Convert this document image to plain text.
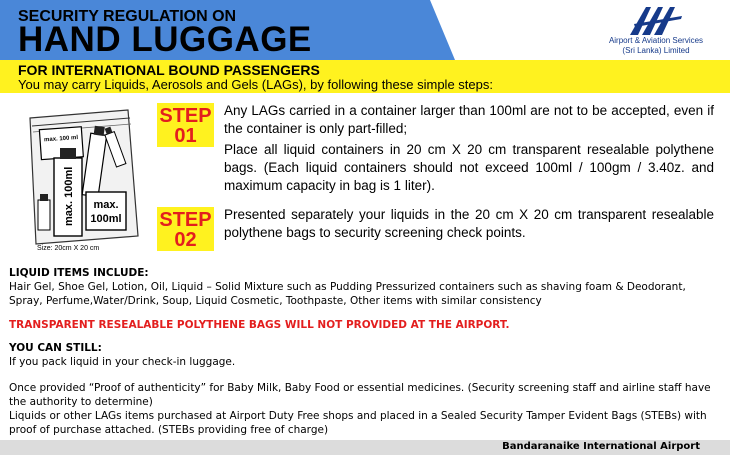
SECURITY REGULATION ON
HAND LUGGAGE	Airport & Aviation Services
(Sri Lanka) Limited
FOR INTERNATIONAL BOUND PASSENGERS
You may carry Liquids, Aerosols and Gels (LAGs), by following these simple steps:
max. 100 ml
max. 100ml max.
100ml
Size: 20cm X 20 cm
STEP
01
Any LAGs carried in a container larger than 100ml are not to be accepted, even if the container is only part-filled;
Place all liquid containers in 20 cm X 20 cm transparent resealable polythene bags. (Each liquid containers should not exceed 100ml / 100gm / 3.40z. and maximum capacity in bag is 1 liter).
STEP
02
Presented separately your liquids in the 20 cm X 20 cm transparent resealable polythene bags to security screening check points.
LIQUID ITEMS INCLUDE:
Hair Gel, Shoe Gel, Lotion, Oil, Liquid – Solid Mixture such as Pudding Pressurized containers such as shaving foam & Deodorant, Spray, Perfume,Water/Drink, Soup, Liquid Cosmetic, Toothpaste, Other items with similar consistency
TRANSPARENT RESEALABLE POLYTHENE BAGS WILL NOT PROVIDED AT THE AIRPORT.
YOU CAN STILL:
If you pack liquid in your check-in luggage.
Once provided “Proof of authenticity” for Baby Milk, Baby Food or essential medicines. (Security screening staff and airline staff have the authority to determine)
Liquids or other LAGs items purchased at Airport Duty Free shops and placed in a Sealed Security Tamper Evident Bags (STEBs) with proof of purchase attached. (STEBs providing free of charge)
Bandaranaike International Airport
